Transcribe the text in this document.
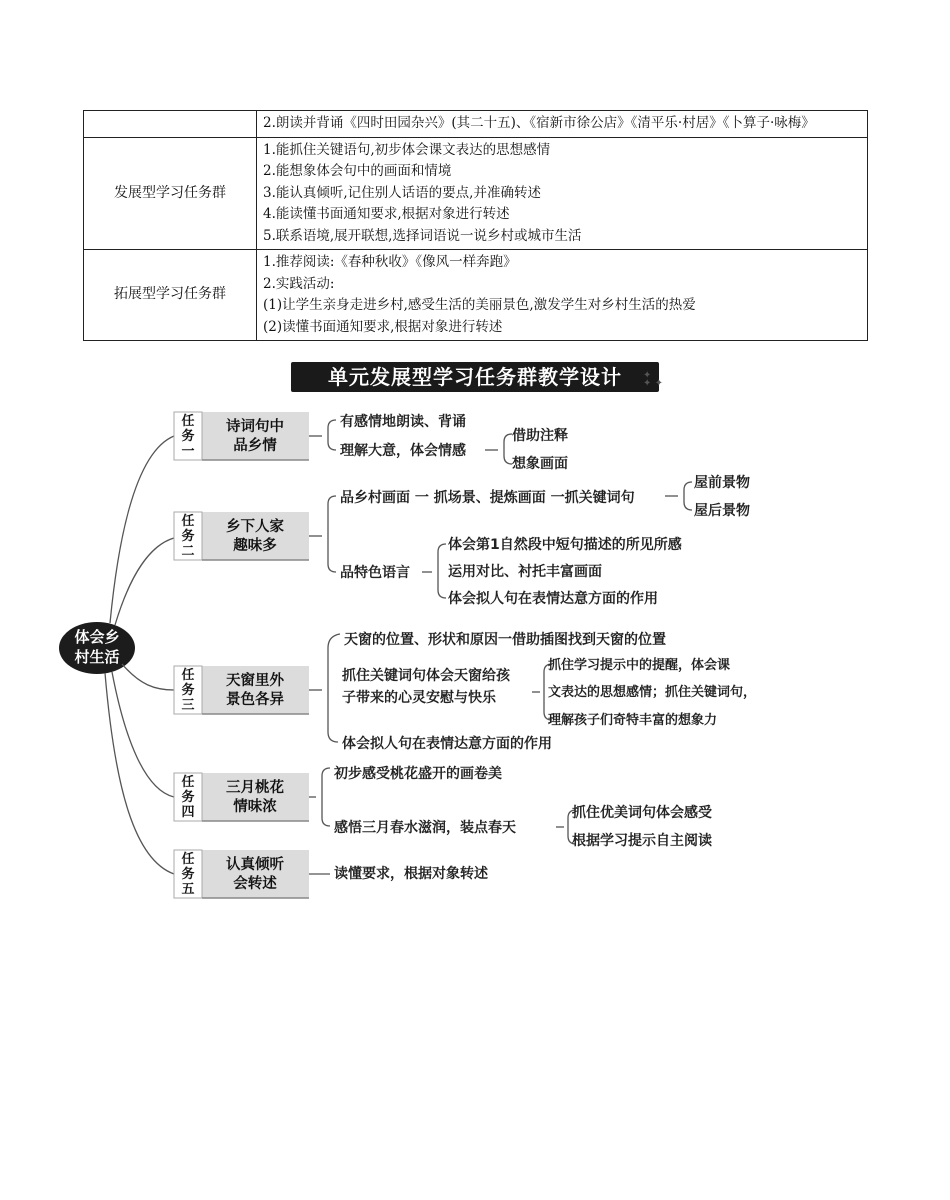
	2.朗读并背诵《四时田园杂兴》(其二十五)、《宿新市徐公店》《清平乐·村居》《卜算子·咏梅》

发展型学习任务群	1.能抓住关键语句,初步体会课文表达的思想感情
2.能想象体会句中的画面和情境
3.能认真倾听,记住别人话语的要点,并准确转述
4.能读懂书面通知要求,根据对象进行转述
5.联系语境,展开联想,选择词语说一说乡村或城市生活

拓展型学习任务群	1.推荐阅读:《春种秋收》《像风一样奔跑》
2.实践活动:
(1)让学生亲身走进乡村,感受生活的美丽景色,激发学生对乡村生活的热爱
(2)读懂书面通知要求,根据对象进行转述
单元发展型学习任务群教学设计	✦
✦ ✦
体会乡
村生活
任
务
一
诗词句中
品乡情
有感情地朗读、背诵
理解大意，体会情感
借助注释
想象画面
任
务
二
乡下人家
趣味多
品乡村画面 一 抓场景、提炼画面 一抓关键词句
屋前景物
屋后景物
品特色语言
体会第1自然段中短句描述的所见所感
运用对比、衬托丰富画面
体会拟人句在表情达意方面的作用
任
务
三
天窗里外
景色各异
天窗的位置、形状和原因一借助插图找到天窗的位置
抓住关键词句体会天窗给孩
子带来的心灵安慰与快乐
抓住学习提示中的提醒，体会课
文表达的思想感情；抓住关键词句，
理解孩子们奇特丰富的想象力
体会拟人句在表情达意方面的作用
任
务
四
三月桃花
情味浓
初步感受桃花盛开的画卷美
感悟三月春水滋润，装点春天
抓住优美词句体会感受
根据学习提示自主阅读
任
务
五
认真倾听
会转述
读懂要求，根据对象转述
